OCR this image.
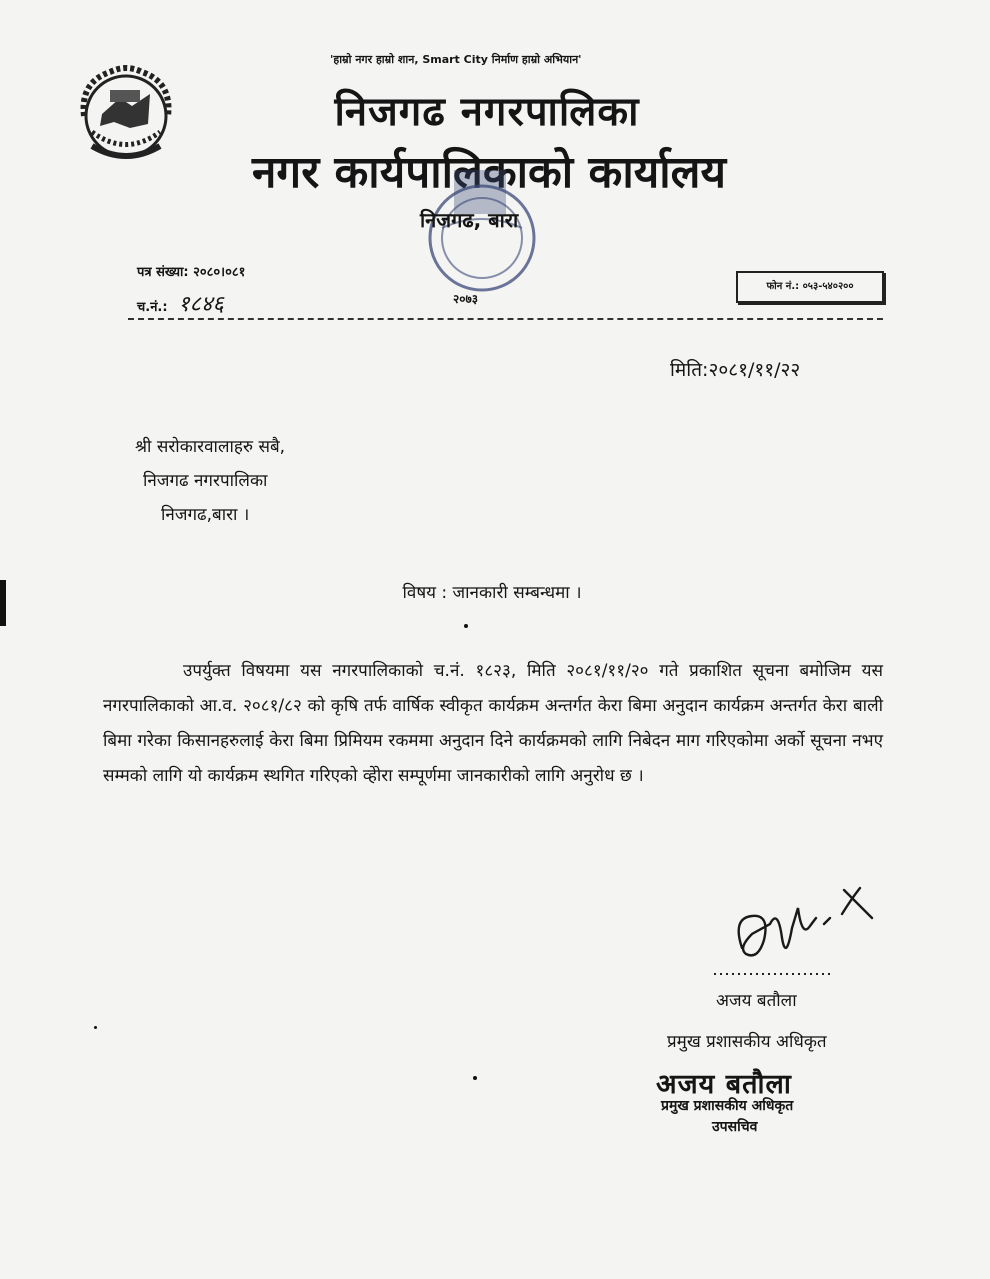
'हाम्रो नगर हाम्रो शान, Smart City निर्माण हाम्रो अभियान'
निजगढ नगरपालिका
नगर कार्यपालिकाको कार्यालय
निजगढ, बारा
२०७३
पत्र संख्या: २०८०।०८१
च.नं.: १८४६
फोन नं.: ०५३-५४०२००
मिति:२०८१/११/२२
श्री सरोकारवालाहरु सबै,
निजगढ नगरपालिका
निजगढ,बारा ।
विषय : जानकारी सम्बन्धमा ।
उपर्युक्त विषयमा यस नगरपालिकाको च.नं. १८२३, मिति २०८१/११/२० गते प्रकाशित सूचना बमोजिम यस नगरपालिकाको आ.व. २०८१/८२ को कृषि तर्फ वार्षिक स्वीकृत कार्यक्रम अन्तर्गत केरा बिमा अनुदान कार्यक्रम अन्तर्गत केरा बाली बिमा गरेका किसानहरुलाई केरा बिमा प्रिमियम रकममा अनुदान दिने कार्यक्रमको लागि निबेदन माग गरिएकोमा अर्को सूचना नभए सम्मको लागि यो कार्यक्रम स्थगित गरिएको व्हेोरा सम्पूर्णमा जानकारीको लागि अनुरोध छ ।
अजय बतौला
प्रमुख प्रशासकीय अधिकृत
अजय बतौला
प्रमुख प्रशासकीय अधिकृत
उपसचिव
